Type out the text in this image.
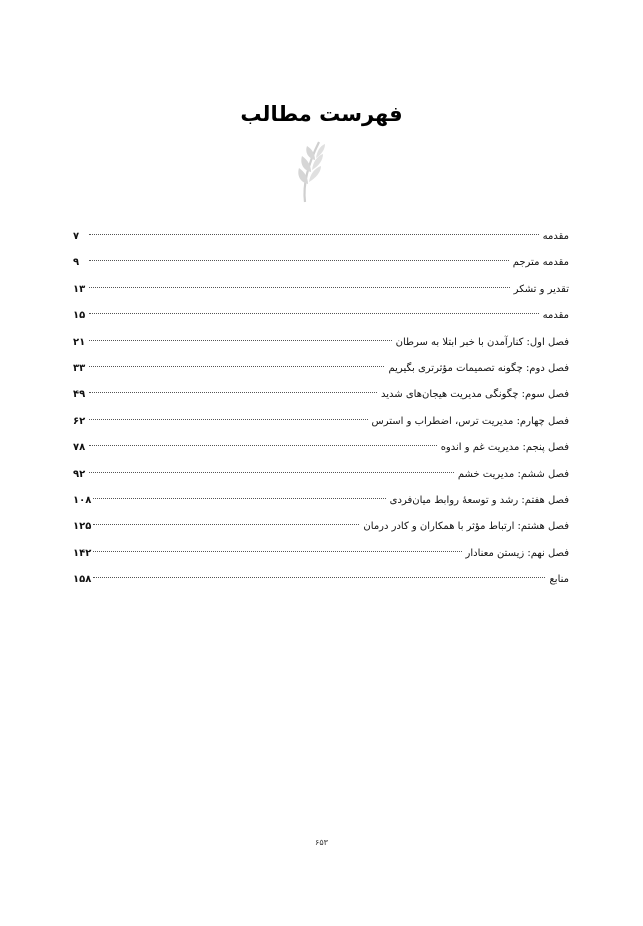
فهرست مطالب
مقدمه
۷
مقدمه مترجم
۹
تقدیر و تشکر
۱۳
مقدمه
۱۵
فصل اول: کنارآمدن با خبر ابتلا به سرطان
۲۱
فصل دوم: چگونه تصمیمات مؤثرتری بگیریم
۳۳
فصل سوم: چگونگی مدیریت هیجان‌های شدید
۴۹
فصل چهارم: مدیریت ترس، اضطراب و استرس
۶۲
فصل پنجم: مدیریت غم و اندوه
۷۸
فصل ششم: مدیریت خشم
۹۲
فصل هفتم: رشد و توسعهٔ روابط میان‌فردی
۱۰۸
فصل هشتم: ارتباط مؤثر با همکاران و کادر درمان
۱۲۵
فصل نهم: زیستن معنادار
۱۴۲
منابع
۱۵۸
۶۵۳
